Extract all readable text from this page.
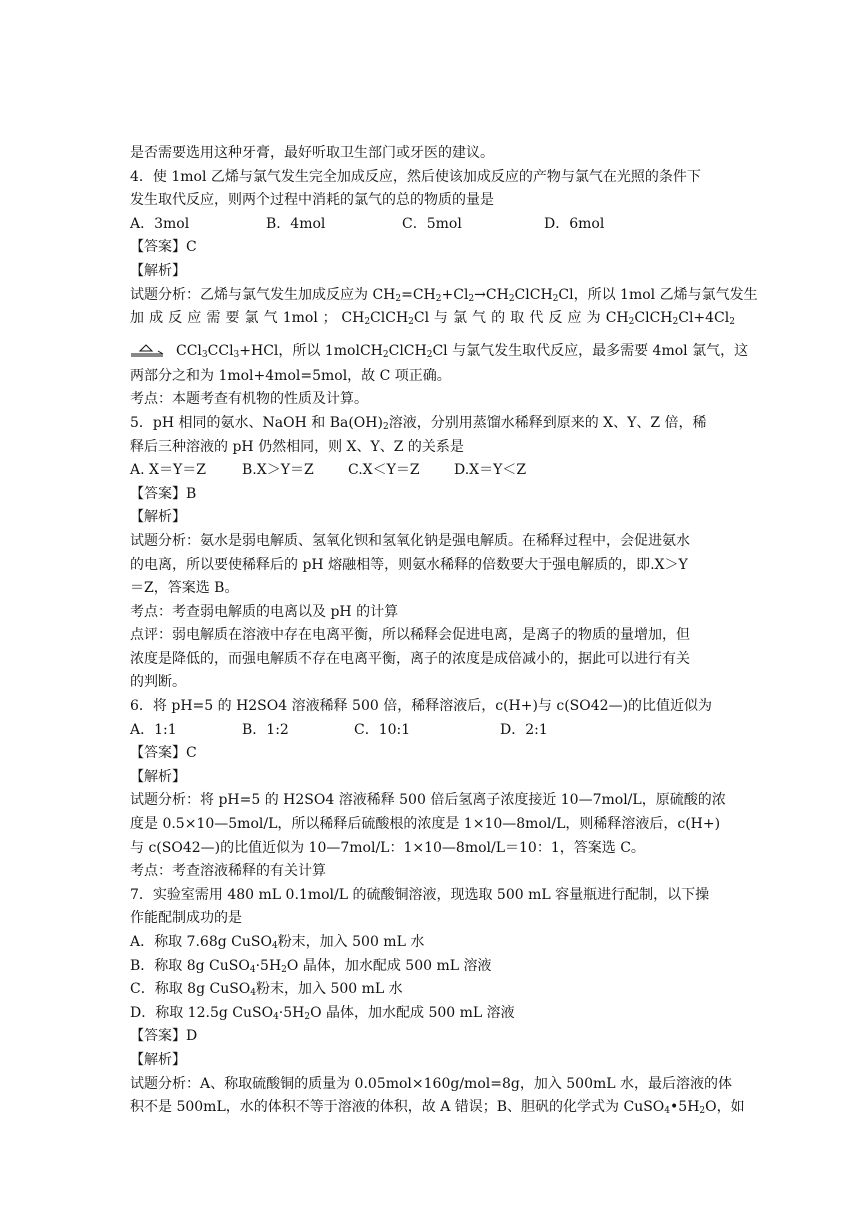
是否需要选用这种牙膏，最好听取卫生部门或牙医的建议。
4．使 1mol 乙烯与氯气发生完全加成反应，然后使该加成反应的产物与氯气在光照的条件下
发生取代反应，则两个过程中消耗的氯气的总的物质的量是
A．3mol	B．4mol	C．5mol	D．6mol
【答案】C
【解析】
试题分析：乙烯与氯气发生加成反应为 $CH_2=CH_2+Cl_2\to CH_2ClCH_2Cl$，所以 1mol 乙烯与氯气发生
加 成 反 应 需 要 氯 气 1mol ； $CH_2ClCH_2Cl$ 与 氯 气 的 取 代 反 应 为 $CH_2ClCH_2Cl+4Cl_2$
CCl$_3$CCl$_3$+HCl，所以 1molCH$_2$ClCH$_2$Cl 与氯气发生取代反应，最多需要 4mol 氯气，这
两部分之和为 1mol+4mol=5mol，故 C 项正确。
考点：本题考查有机物的性质及计算。
5．pH 相同的氨水、NaOH 和 $Ba(OH)_2$溶液，分别用蒸馏水稀释到原来的 X、Y、Z 倍，稀
释后三种溶液的 pH 仍然相同，则 X、Y、Z 的关系是
A. X＝Y＝Z	B.X＞Y＝Z	C.X＜Y＝Z	D.X＝Y＜Z
【答案】B
【解析】
试题分析：氨水是弱电解质、氢氧化钡和氢氧化钠是强电解质。在稀释过程中，会促进氨水
的电离，所以要使稀释后的 pH 熔融相等，则氨水稀释的倍数要大于强电解质的，即.X＞Y
＝Z，答案选 B。
考点：考查弱电解质的电离以及 pH 的计算
点评：弱电解质在溶液中存在电离平衡，所以稀释会促进电离，是离子的物质的量增加，但
浓度是降低的，而强电解质不存在电离平衡，离子的浓度是成倍减小的，据此可以进行有关
的判断。
6．将 pH=5 的 H2SO4 溶液稀释 500 倍，稀释溶液后，c(H+)与 c(SO42—)的比值近似为
A．1:1	B．1:2	C．10:1	D．2:1
【答案】C
【解析】
试题分析：将 pH=5 的 H2SO4 溶液稀释 500 倍后氢离子浓度接近 10—7mol/L，原硫酸的浓
度是 0.5×10—5mol/L，所以稀释后硫酸根的浓度是 1×10—8mol/L，则稀释溶液后，c(H+)
与 c(SO42—)的比值近似为 10—7mol/L：1×10—8mol/L＝10：1，答案选 C。
考点：考查溶液稀释的有关计算
7．实验室需用 480 mL 0.1mol/L 的硫酸铜溶液，现选取 500 mL 容量瓶进行配制，以下操
作能配制成功的是
A．称取 7.68g CuSO$_4$粉末，加入 500 mL 水
B．称取 8g $CuSO_4\cdot 5H_2O$ 晶体，加水配成 500 mL 溶液
C．称取 8g CuSO$_4$粉末，加入 500 mL 水
D．称取 12.5g $CuSO_4\cdot 5H_2O$ 晶体，加水配成 500 mL 溶液
【答案】D
【解析】
试题分析：A、称取硫酸铜的质量为 0.05mol×160g/mol=8g，加入 500mL 水，最后溶液的体
积不是 500mL，水的体积不等于溶液的体积，故 A 错误；B、胆矾的化学式为 $CuSO_4•5H_2O$，如
